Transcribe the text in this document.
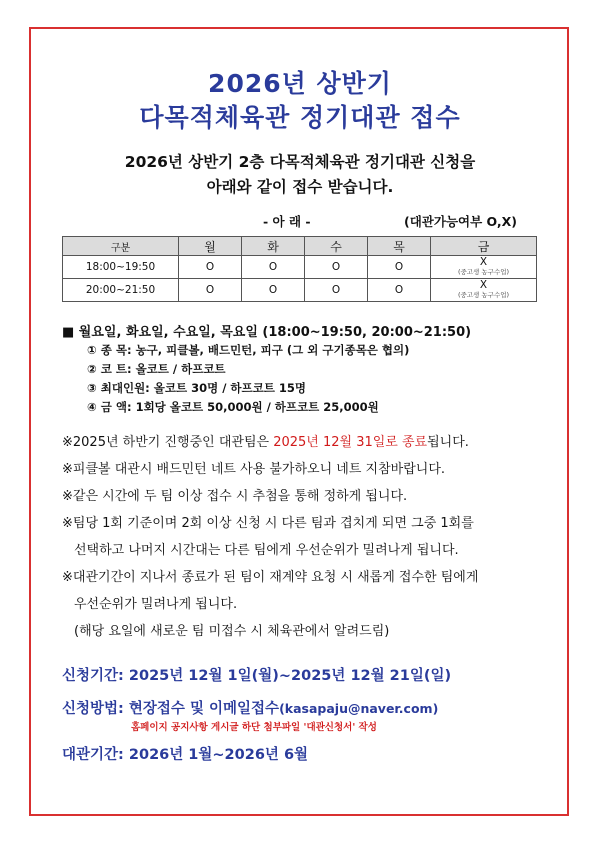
2026년 상반기
다목적체육관 정기대관 접수
2026년 상반기 2층 다목적체육관 정기대관 신청을
아래와 같이 접수 받습니다.
- 아 래 -	(대관가능여부 O,X)
구분	월	화	수	목	금
18:00~19:50	O	O	O	O	X
(중고생 농구수업)

20:00~21:50	O	O	O	O	X
(중고생 농구수업)
■ 월요일, 화요일, 수요일, 목요일 (18:00~19:50, 20:00~21:50)
① 종 목: 농구, 피클볼, 배드민턴, 피구 (그 외 구기종목은 협의)
② 코 트: 올코트 / 하프코트
③ 최대인원: 올코트 30명 / 하프코트 15명
④ 금 액: 1회당 올코트 50,000원 / 하프코트 25,000원
※2025년 하반기 진행중인 대관팀은 2025년 12월 31일로 종료됩니다.
※피클볼 대관시 배드민턴 네트 사용 불가하오니 네트 지참바랍니다.
※같은 시간에 두 팀 이상 접수 시 추첨을 통해 정하게 됩니다.
※팀당 1회 기준이며 2회 이상 신청 시 다른 팀과 겹치게 되면 그중 1회를
선택하고 나머지 시간대는 다른 팀에게 우선순위가 밀려나게 됩니다.
※대관기간이 지나서 종료가 된 팀이 재계약 요청 시 새롭게 접수한 팀에게
우선순위가 밀려나게 됩니다.
(해당 요일에 새로운 팀 미접수 시 체육관에서 알려드림)
신청기간: 2025년 12월 1일(월)~2025년 12월 21일(일)
신청방법: 현장접수 및 이메일접수(kasapaju@naver.com)
홈페이지 공지사항 게시글 하단 첨부파일 '대관신청서' 작성
대관기간: 2026년 1월~2026년 6월
